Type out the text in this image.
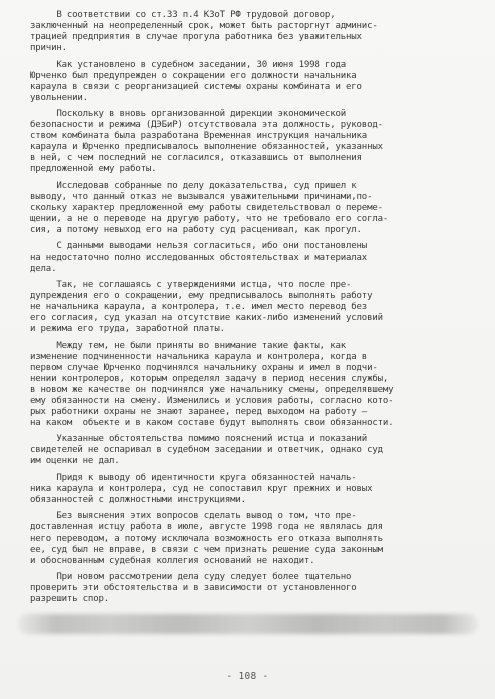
В соответствии со ст.33 п.4 КЗоТ РФ трудовой договор,
заключенный на неопределенный срок, может быть расторгнут админис-
трацией предприятия в случае прогула работника без уважительных
причин.
Как установлено в судебном заседании, 30 июня 1998 года
Юрченко был предупрежден о сокращении его должности начальника
караула в связи с реорганизацией системы охраны комбината и его
увольнении.
Поскольку в вновь организованной дирекции экономической
безопасности и режима (ДЭБиР) отсутствовала эта должность, руковод-
ством комбината была разработана Временная инструкция начальника
караула и Юрченко предписывалось выполнение обязанностей, указанных
в ней, с чем последний не согласился, отказавшись от выполнения
предложенной ему работы.
Исследовав собранные по делу доказательства, суд пришел к
выводу, что данный отказ не вызывался уважительными причинами,по-
скольку характер предложенной ему работы свидетельствовал о переме-
щении, а не о переводе на другую работу, что не требовало его согла-
сия, а потому невыход его на работу суд расценивал, как прогул.
С данными выводами нельзя согласиться, ибо они постановлены
на недостаточно полно исследованных обстоятельствах и материалах
дела.
Так, не соглашаясь с утверждениями истца, что после пре-
дупреждения его о сокращении, ему предписывалось выполнять работу
не начальника караула, а контролера, т.е. имел место перевод без
его согласия, суд указал на отсутствие каких-либо изменений условий
и режима его труда, заработной платы.
Между тем, не были приняты во внимание такие факты, как
изменение подчиненности начальника караула и контролера, когда в
первом случае Юрченко подчинялся начальнику охраны и имел в подчи-
нении контролеров, которым определял задачу в период несения службы,
в новом же качестве он подчинялся уже начальнику смены, определявшему
ему обязанности на смену. Изменились и условия работы, согласно кото-
рых работники охраны не знают заранее, перед выходом на работу –
на каком  объекте и в каком составе будут выполнять свои обязанности.
Указанные обстоятельства помимо пояснений истца и показаний
свидетелей не оспаривал в судебном заседании и ответчик, однако суд
им оценки не дал.
Придя к выводу об идентичности круга обязанностей началь-
ника караула и контролера, суд не сопоставил круг прежних и новых
обязанностей с должностными инструкциями.
Без выяснения этих вопросов сделать вывод о том, что пре-
доставленная истцу работа в июле, августе 1998 года не являлась для
него переводом, а потому исключала возможность его отказа выполнять
ее, суд был не вправе, в связи с чем признать решение суда законным
и обоснованным судебная коллегия оснований не находит.
При новом рассмотрении дела суду следует более тщательно
проверить эти обстоятельства и в зависимости от установленного
разрешить спор.
- 108 -
